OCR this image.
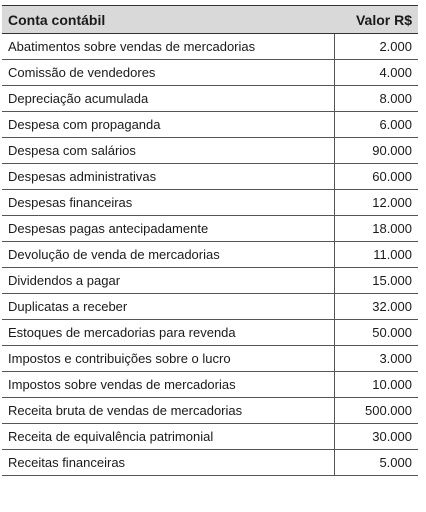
Conta contábil	Valor R$
Abatimentos sobre vendas de mercadorias	2.000
Comissão de vendedores	4.000
Depreciação acumulada	8.000
Despesa com propaganda	6.000
Despesa com salários	90.000
Despesas administrativas	60.000
Despesas financeiras	12.000
Despesas pagas antecipadamente	18.000
Devolução de venda de mercadorias	11.000
Dividendos a pagar	15.000
Duplicatas a receber	32.000
Estoques de mercadorias para revenda	50.000
Impostos e contribuições sobre o lucro	3.000
Impostos sobre vendas de mercadorias	10.000
Receita bruta de vendas de mercadorias	500.000
Receita de equivalência patrimonial	30.000
Receitas financeiras	5.000
